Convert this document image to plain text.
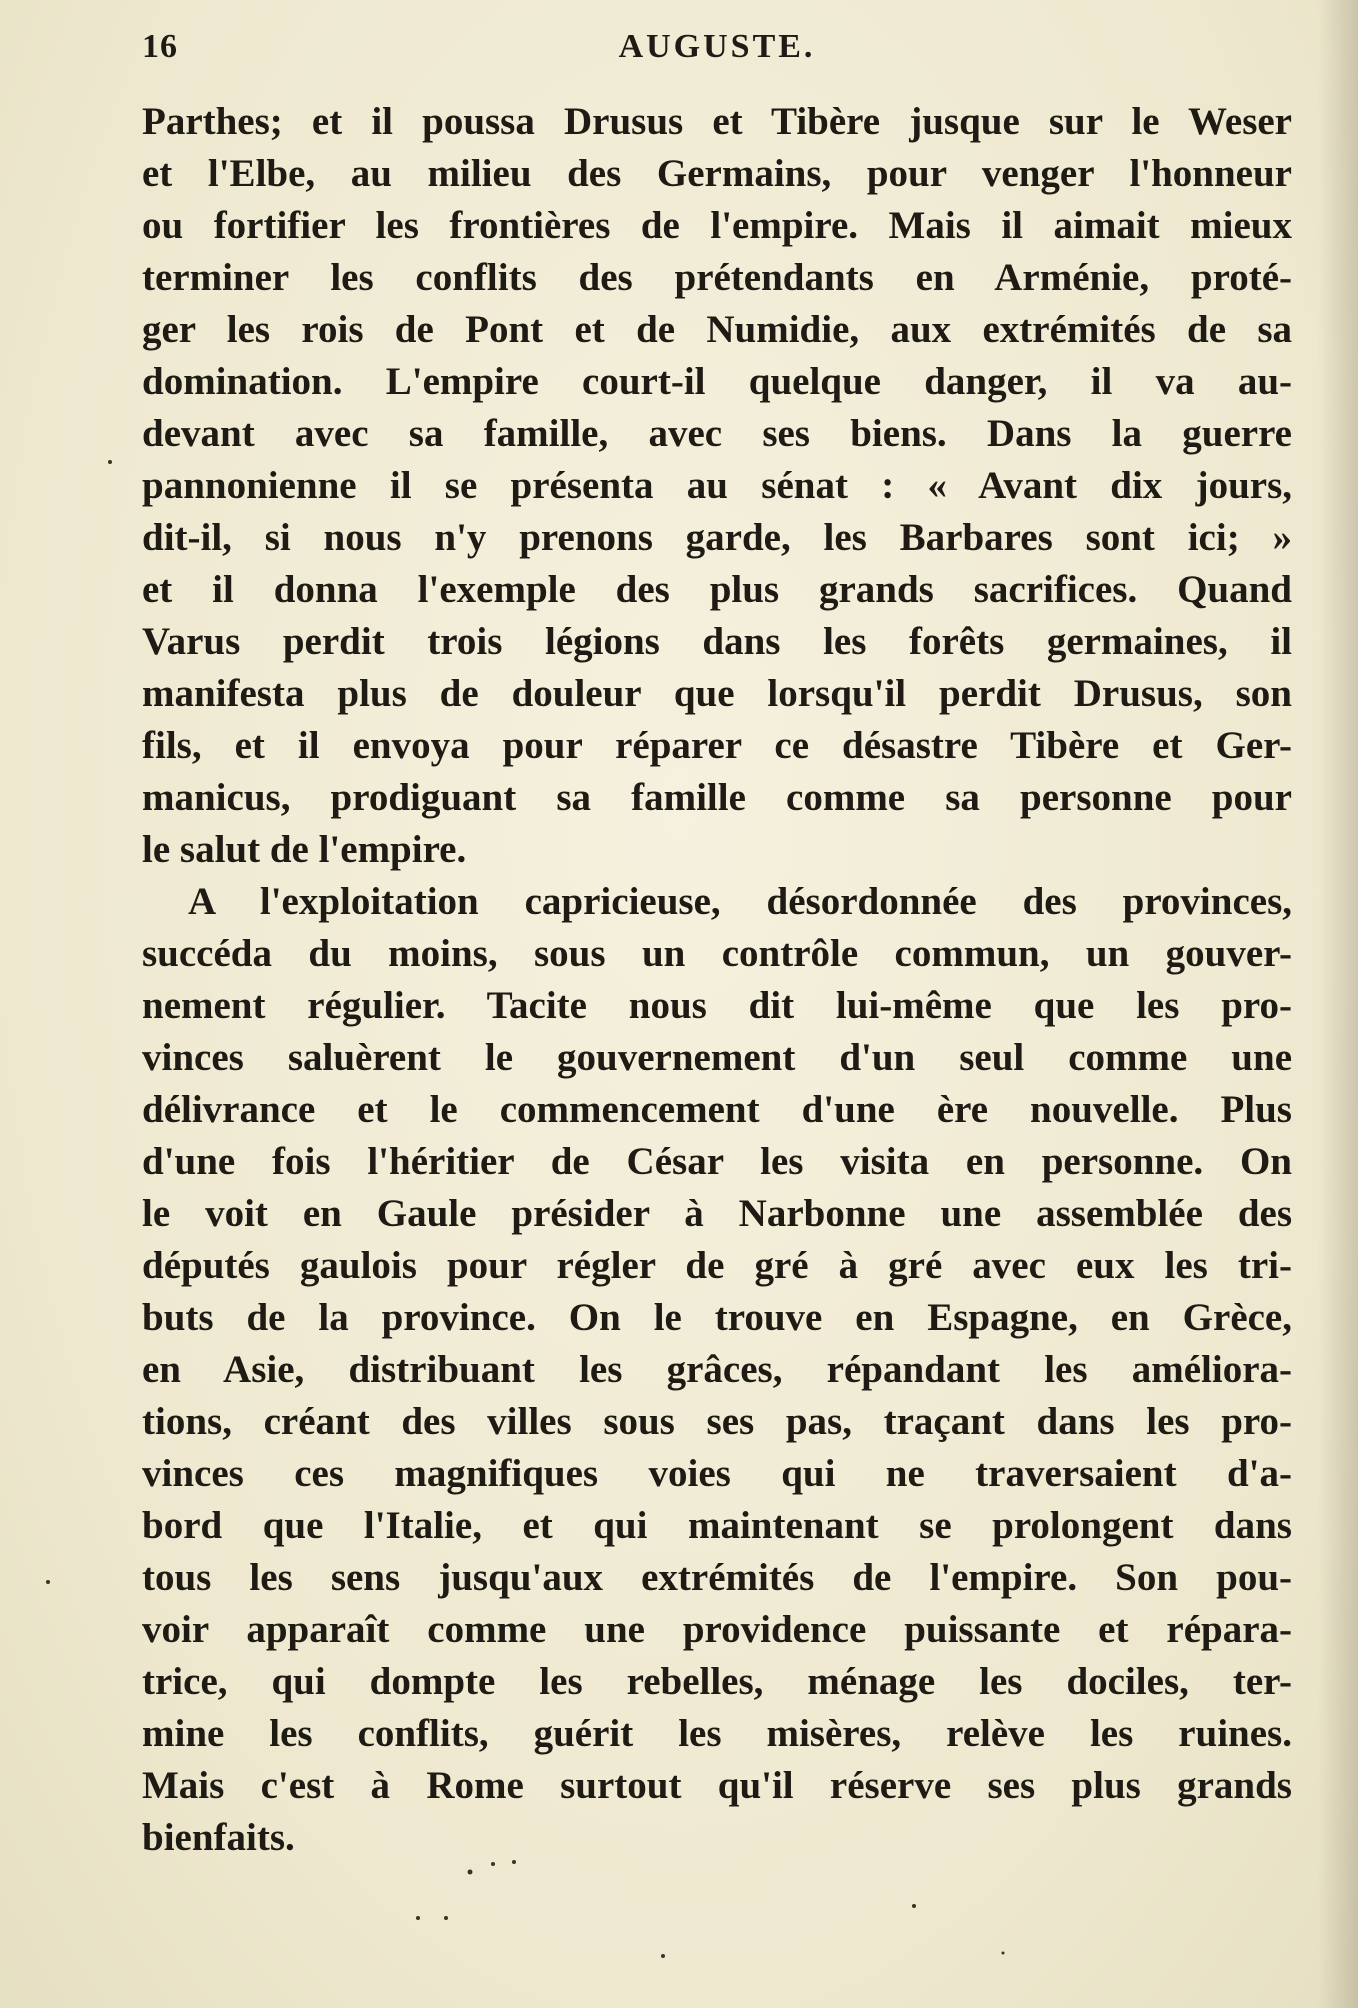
16	AUGUSTE.
Parthes; et il poussa Drusus et Tibère jusque sur le Weser
et l'Elbe, au milieu des Germains, pour venger l'honneur
ou fortifier les frontières de l'empire. Mais il aimait mieux
terminer les conflits des prétendants en Arménie, proté-
ger les rois de Pont et de Numidie, aux extrémités de sa
domination. L'empire court-il quelque danger, il va au-
devant avec sa famille, avec ses biens. Dans la guerre
pannonienne il se présenta au sénat : « Avant dix jours,
dit-il, si nous n'y prenons garde, les Barbares sont ici; »
et il donna l'exemple des plus grands sacrifices. Quand
Varus perdit trois légions dans les forêts germaines, il
manifesta plus de douleur que lorsqu'il perdit Drusus, son
fils, et il envoya pour réparer ce désastre Tibère et Ger-
manicus, prodiguant sa famille comme sa personne pour
le salut de l'empire.
A l'exploitation capricieuse, désordonnée des provinces,
succéda du moins, sous un contrôle commun, un gouver-
nement régulier. Tacite nous dit lui-même que les pro-
vinces saluèrent le gouvernement d'un seul comme une
délivrance et le commencement d'une ère nouvelle. Plus
d'une fois l'héritier de César les visita en personne. On
le voit en Gaule présider à Narbonne une assemblée des
députés gaulois pour régler de gré à gré avec eux les tri-
buts de la province. On le trouve en Espagne, en Grèce,
en Asie, distribuant les grâces, répandant les améliora-
tions, créant des villes sous ses pas, traçant dans les pro-
vinces ces magnifiques voies qui ne traversaient d'a-
bord que l'Italie, et qui maintenant se prolongent dans
tous les sens jusqu'aux extrémités de l'empire. Son pou-
voir apparaît comme une providence puissante et répara-
trice, qui dompte les rebelles, ménage les dociles, ter-
mine les conflits, guérit les misères, relève les ruines.
Mais c'est à Rome surtout qu'il réserve ses plus grands
bienfaits.
